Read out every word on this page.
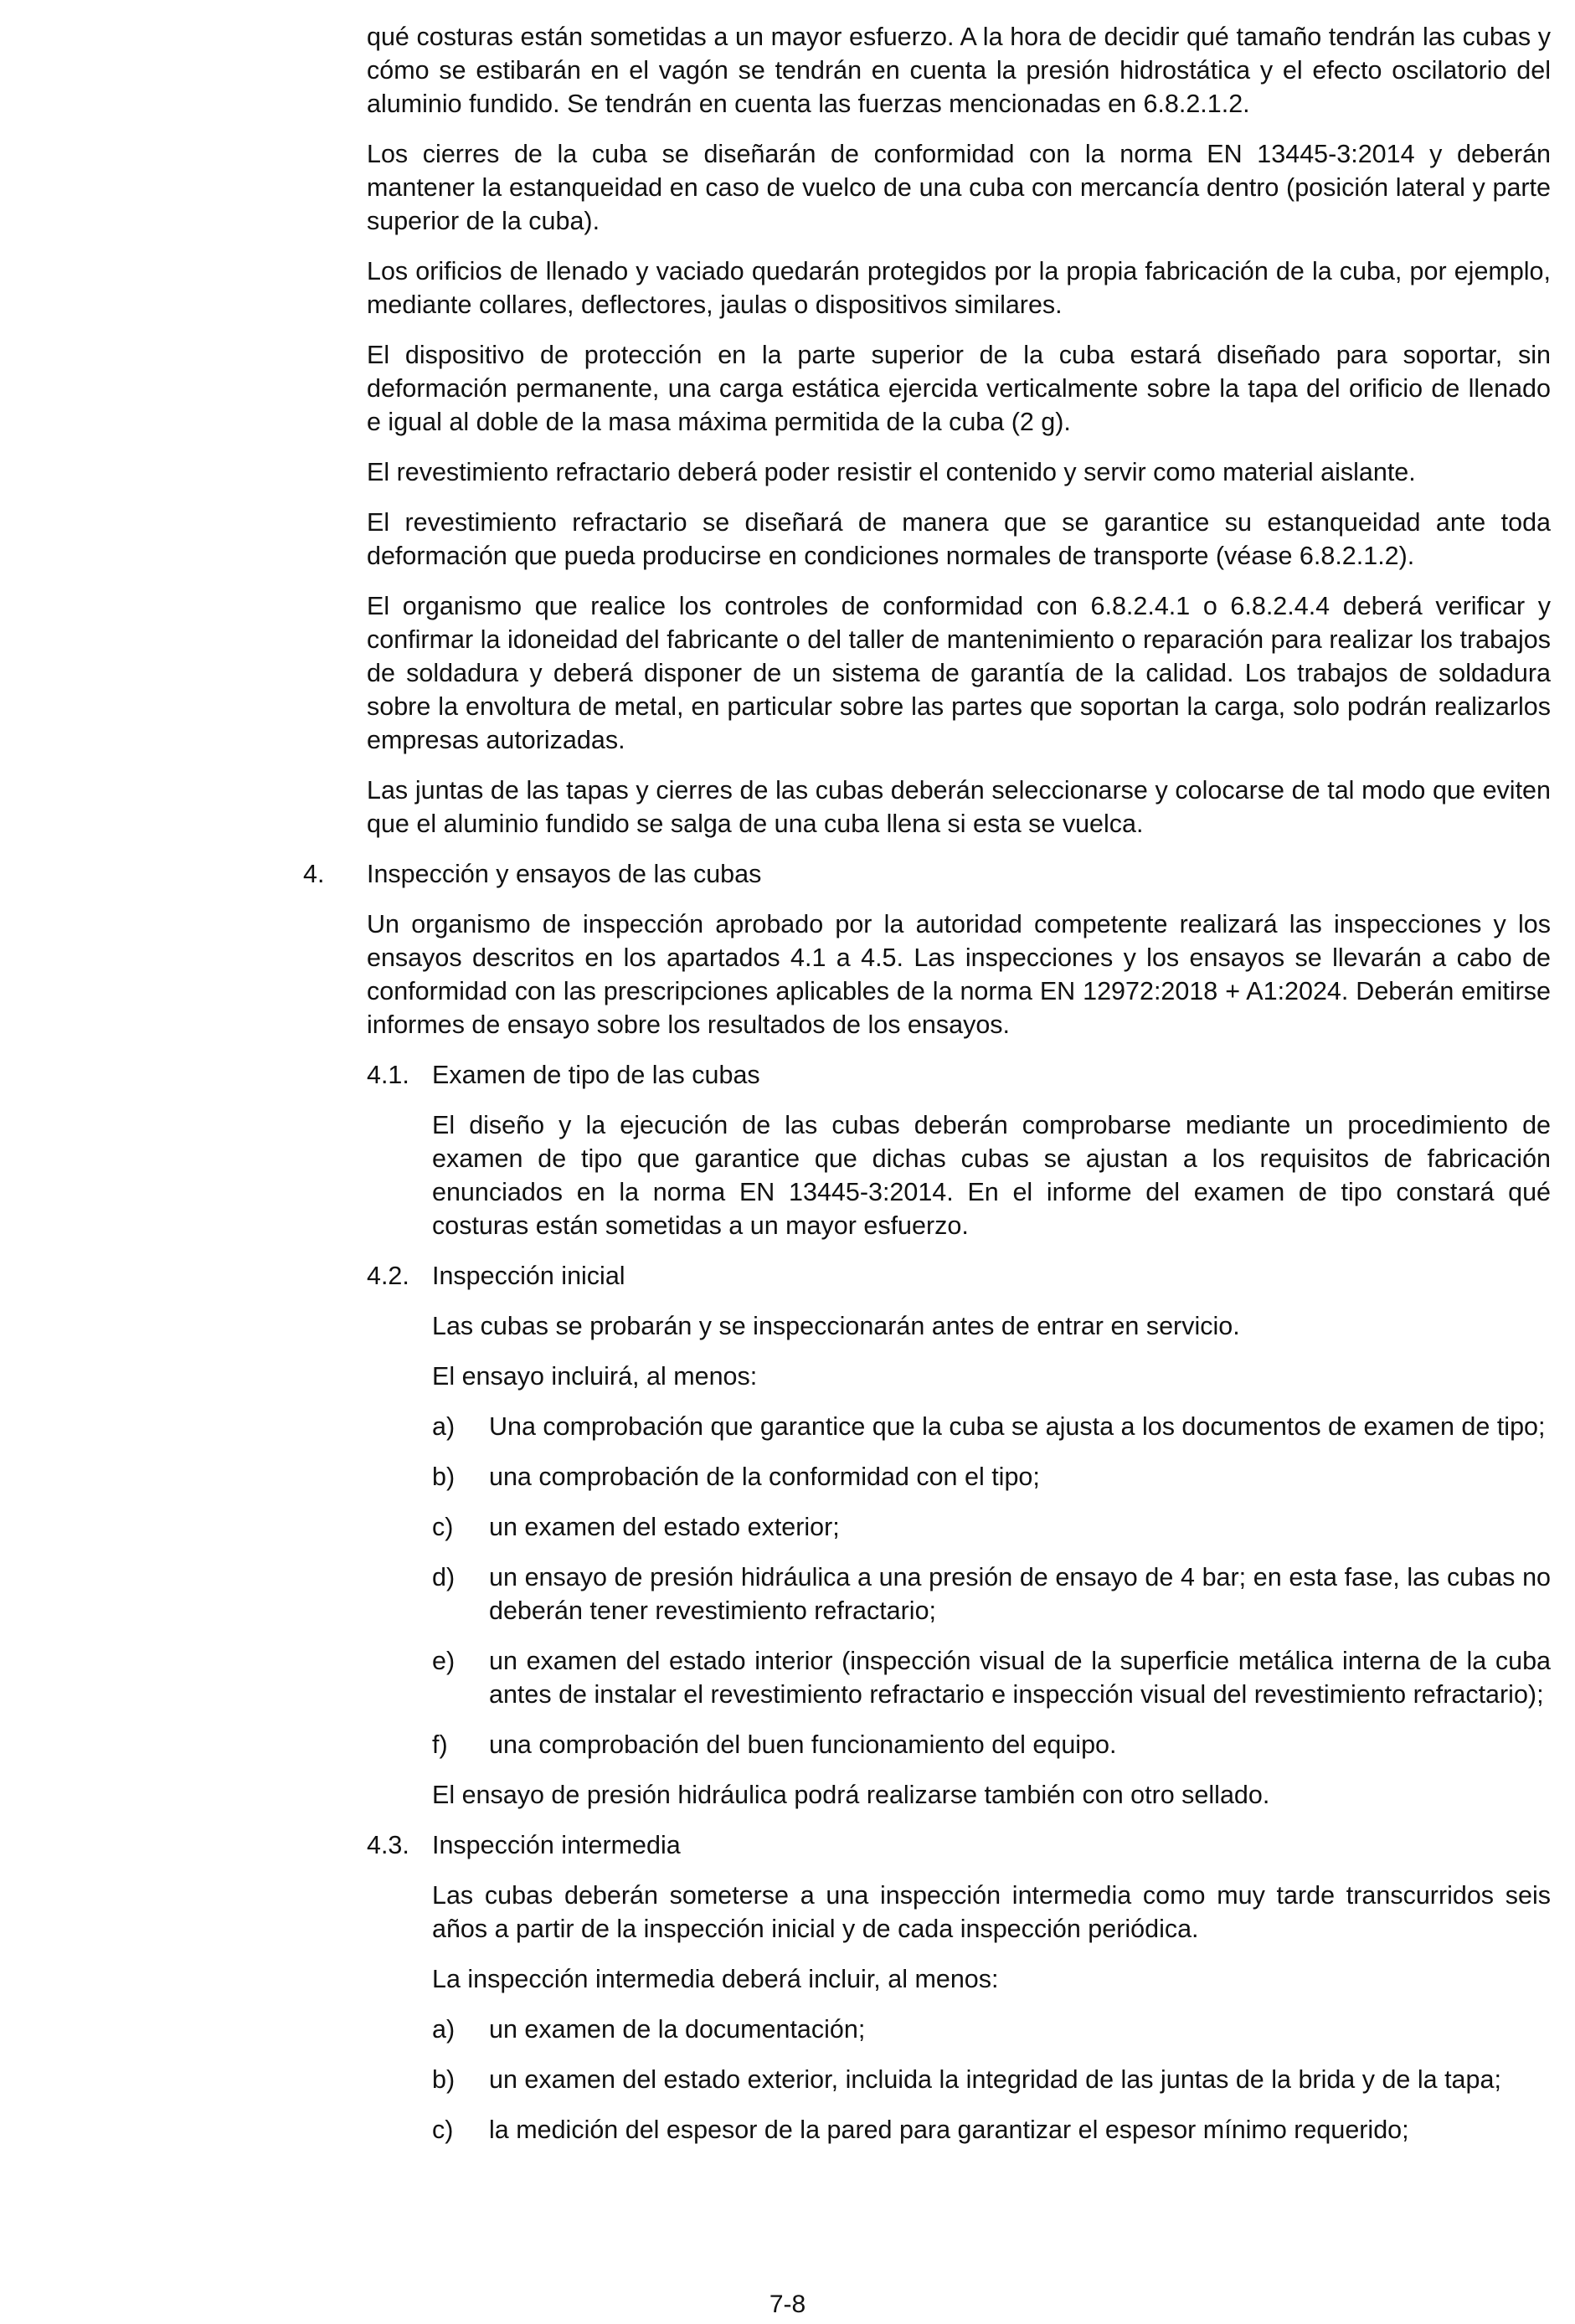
qué costuras están sometidas a un mayor esfuerzo. A la hora de decidir qué tamaño tendrán las cubas y cómo se estibarán en el vagón se tendrán en cuenta la presión hidrostática y el efecto oscilatorio del aluminio fundido. Se tendrán en cuenta las fuerzas mencionadas en 6.8.2.1.2.

Los cierres de la cuba se diseñarán de conformidad con la norma EN 13445-3:2014 y deberán mantener la estanqueidad en caso de vuelco de una cuba con mercancía dentro (posición lateral y parte superior de la cuba).

Los orificios de llenado y vaciado quedarán protegidos por la propia fabricación de la cuba, por ejemplo, mediante collares, deflectores, jaulas o dispositivos similares.

El dispositivo de protección en la parte superior de la cuba estará diseñado para soportar, sin deformación permanente, una carga estática ejercida verticalmente sobre la tapa del orificio de llenado e igual al doble de la masa máxima permitida de la cuba (2 g).

El revestimiento refractario deberá poder resistir el contenido y servir como material aislante.

El revestimiento refractario se diseñará de manera que se garantice su estanqueidad ante toda deformación que pueda producirse en condiciones normales de transporte (véase 6.8.2.1.2).

El organismo que realice los controles de conformidad con 6.8.2.4.1 o 6.8.2.4.4 deberá verificar y confirmar la idoneidad del fabricante o del taller de mantenimiento o reparación para realizar los trabajos de soldadura y deberá disponer de un sistema de garantía de la calidad. Los trabajos de soldadura sobre la envoltura de metal, en particular sobre las partes que soportan la carga, solo podrán realizarlos empresas autorizadas.

Las juntas de las tapas y cierres de las cubas deberán seleccionarse y colocarse de tal modo que eviten que el aluminio fundido se salga de una cuba llena si esta se vuelca.

4.	Inspección y ensayos de las cubas

Un organismo de inspección aprobado por la autoridad competente realizará las inspecciones y los ensayos descritos en los apartados 4.1 a 4.5. Las inspecciones y los ensayos se llevarán a cabo de conformidad con las prescripciones aplicables de la norma EN 12972:2018 + A1:2024. Deberán emitirse informes de ensayo sobre los resultados de los ensayos.

4.1. Examen de tipo de las cubas

El diseño y la ejecución de las cubas deberán comprobarse mediante un procedimiento de examen de tipo que garantice que dichas cubas se ajustan a los requisitos de fabricación enunciados en la norma EN 13445-3:2014. En el informe del examen de tipo constará qué costuras están sometidas a un mayor esfuerzo.

4.2. Inspección inicial

Las cubas se probarán y se inspeccionarán antes de entrar en servicio.

El ensayo incluirá, al menos:

a)	Una comprobación que garantice que la cuba se ajusta a los documentos de examen de tipo;
b)	una comprobación de la conformidad con el tipo;
c)	un examen del estado exterior;
d)	un ensayo de presión hidráulica a una presión de ensayo de 4 bar; en esta fase, las cubas no deberán tener revestimiento refractario;
e)	un examen del estado interior (inspección visual de la superficie metálica interna de la cuba antes de instalar el revestimiento refractario e inspección visual del revestimiento refractario);
f)	una comprobación del buen funcionamiento del equipo.

El ensayo de presión hidráulica podrá realizarse también con otro sellado.

4.3. Inspección intermedia

Las cubas deberán someterse a una inspección intermedia como muy tarde transcurridos seis años a partir de la inspección inicial y de cada inspección periódica.

La inspección intermedia deberá incluir, al menos:

a)	un examen de la documentación;
b)	un examen del estado exterior, incluida la integridad de las juntas de la brida y de la tapa;
c)	la medición del espesor de la pared para garantizar el espesor mínimo requerido;
7-8
